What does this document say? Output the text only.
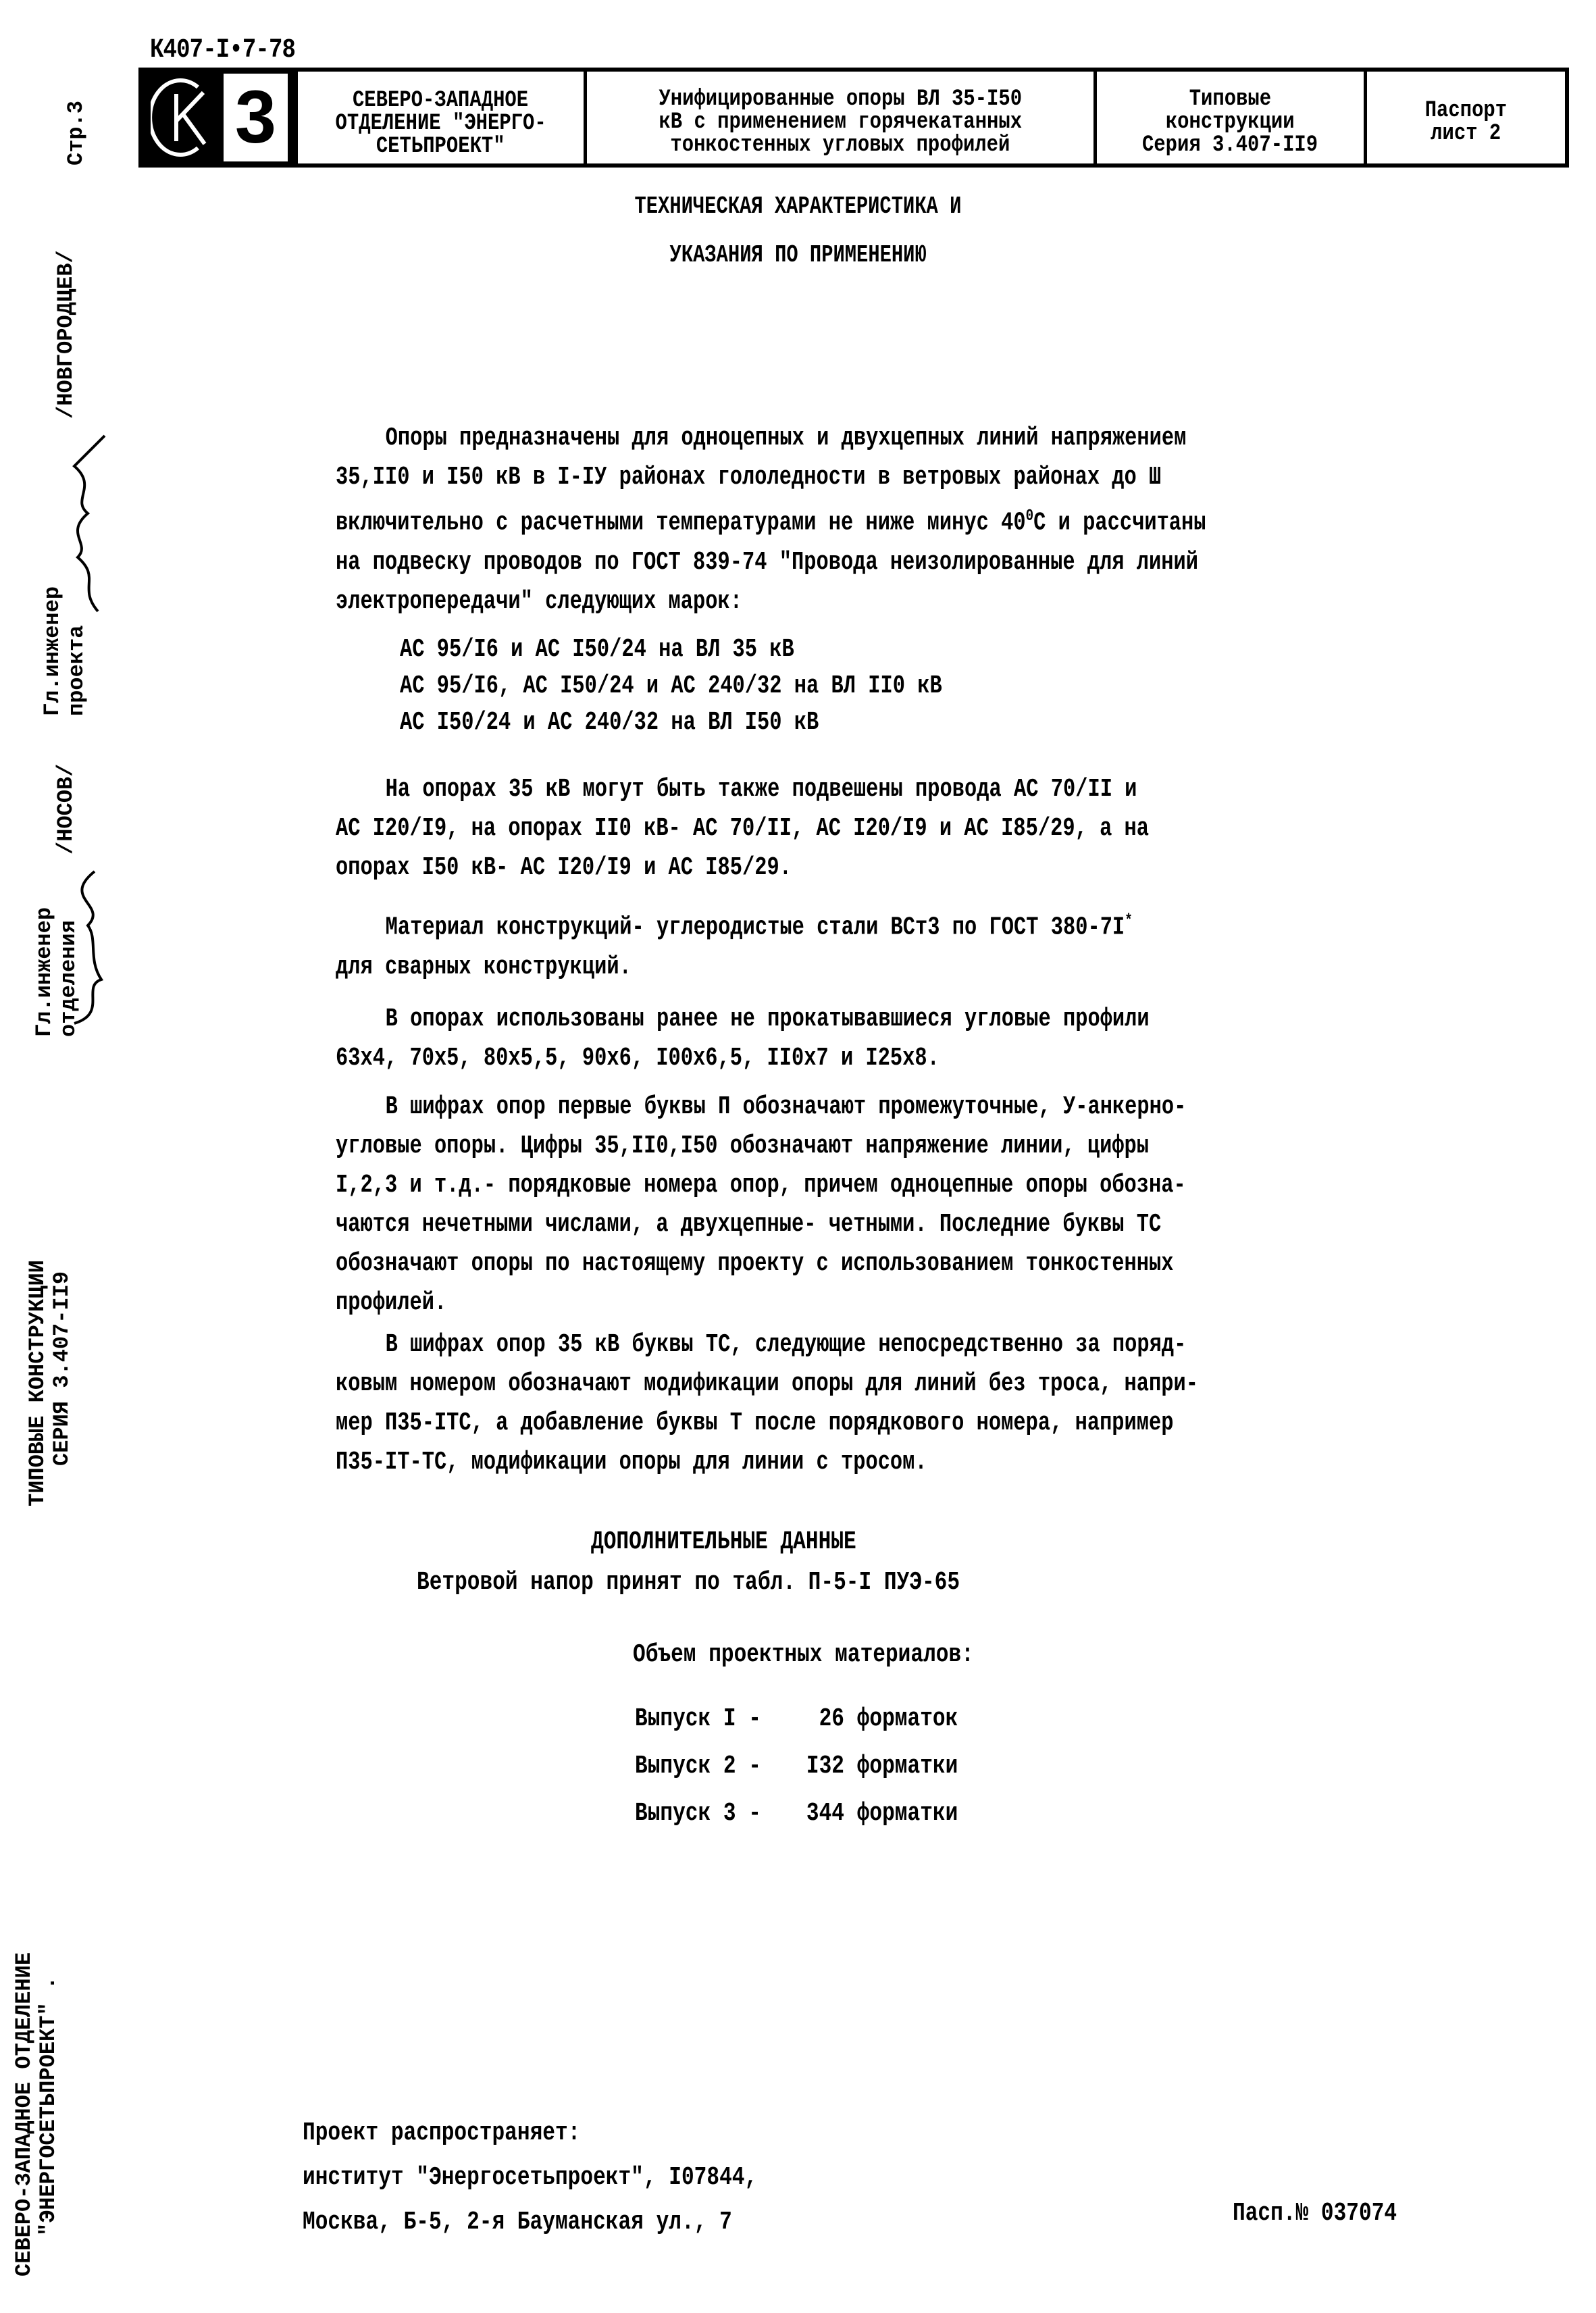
К407-I•7-78
3	СЕВЕРО-ЗАПАДНОЕ
ОТДЕЛЕНИЕ "ЭНЕРГО-
СЕТЬПРОЕКТ"
Унифицированные опоры ВЛ 35-I50
кВ с применением горячекатанных
тонкостенных угловых профилей
Типовые
конструкции
Серия 3.407-II9
Паспорт
лист 2
Стр.3
Гл.инженер проекта
/НОВГОРОДЦЕВ/
Гл.инженер отделения
/НОСОВ/
ТИПОВЫЕ КОНСТРУКЦИИ СЕРИЯ 3.407-II9
СЕВЕРО-ЗАПАДНОЕ ОТДЕЛЕНИЕ "ЭНЕРГОСЕТЬПРОЕКТ" .
ТЕХНИЧЕСКАЯ ХАРАКТЕРИСТИКА И
УКАЗАНИЯ ПО ПРИМЕНЕНИЮ
Опоры предназначены для одноцепных и двухцепных линий напряжением
35,II0 и I50 кВ в I-IУ районах гололедности в ветровых районах до Ш
включительно с расчетными температурами не ниже минус $40^0С$ и рассчитаны
на подвеску проводов по ГОСТ 839-74 "Провода неизолированные для линий
электропередачи" следующих марок:
АС 95/I6 и АС I50/24 на ВЛ 35 кВ
АС 95/I6, АС I50/24 и АС 240/32 на ВЛ II0 кВ
АС I50/24 и АС 240/32 на ВЛ I50 кВ
На опорах 35 кВ могут быть также подвешены провода АС 70/II и
АС I20/I9, на опорах II0 кВ- АС 70/II, АС I20/I9 и АС I85/29, а на
опорах I50 кВ- АС I20/I9 и АС I85/29.
Материал конструкций- углеродистые стали ВСт3 по ГОСТ 380-7I*
для сварных конструкций.
В опорах использованы ранее не прокатывавшиеся угловые профили
63х4, 70х5, 80х5,5, 90х6, I00х6,5, II0х7 и I25х8.
В шифрах опор первые буквы П обозначают промежуточные, У-анкерно-
угловые опоры. Цифры 35,II0,I50 обозначают напряжение линии, цифры
I,2,3 и т.д.- порядковые номера опор, причем одноцепные опоры обозна-
чаются нечетными числами, а двухцепные- четными. Последние буквы ТС
обозначают опоры по настоящему проекту с использованием тонкостенных
профилей.
В шифрах опор 35 кВ буквы ТС, следующие непосредственно за поряд-
ковым номером обозначают модификации опоры для линий без троса, напри-
мер П35-IТС, а добавление буквы Т после порядкового номера, например
П35-IТ-ТС, модификации опоры для линии с тросом.
ДОПОЛНИТЕЛЬНЫЕ ДАННЫЕ
Ветровой напор принят по табл. П-5-I ПУЭ-65
Объем проектных материалов:
Выпуск I - 26 форматок
Выпуск 2 - I32 форматки
Выпуск 3 - 344 форматки
Проект распространяет:
институт "Энергосетьпроект", I07844,
Москва, Б-5, 2-я Бауманская ул., 7	Пасп.№ 037074
